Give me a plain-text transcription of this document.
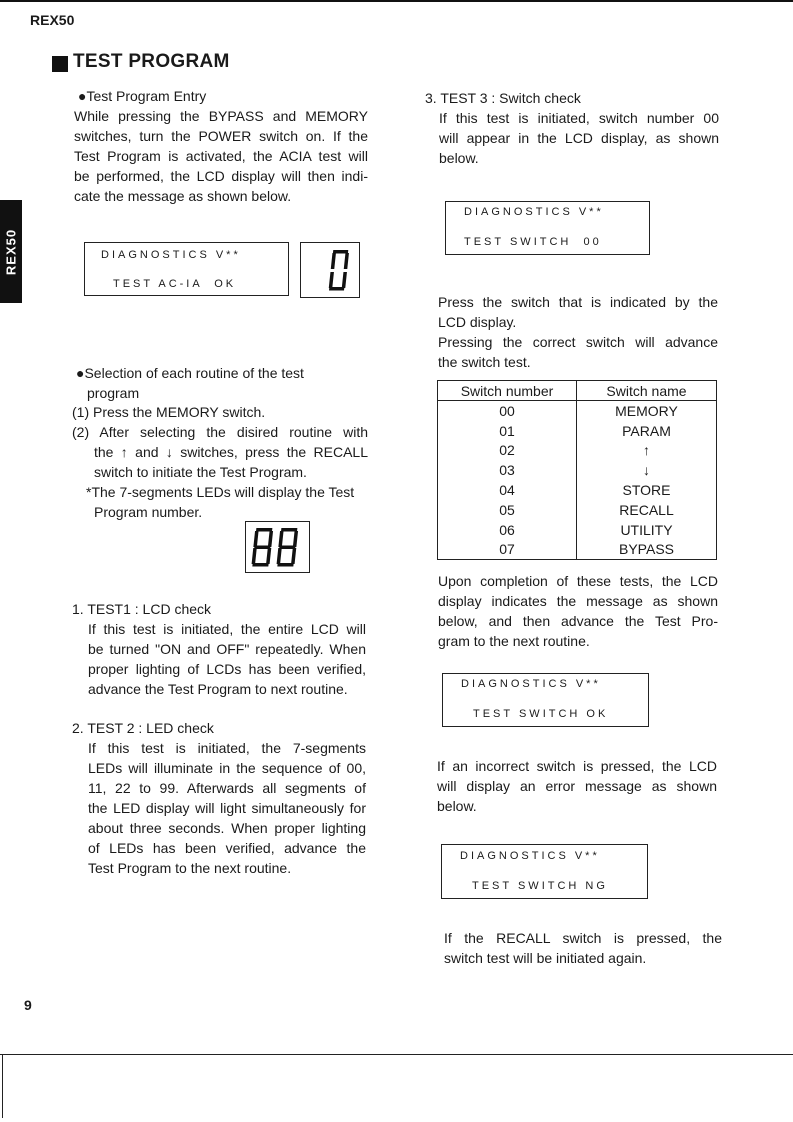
REX50
REX50
TEST PROGRAM
●Test Program Entry
While pressing the BYPASS and MEMORY
switches, turn the POWER switch on. If the
Test Program is activated, the ACIA test will
be performed, the LCD display will then indi-
cate the message as shown below.
DIAGNOSTICS V**
TEST AC-IA  OK
●Selection of each routine of the test
program
(1) Press the MEMORY switch.
(2) After selecting the disired routine with
the ↑ and ↓ switches, press the RECALL
switch to initiate the Test Program.
*The 7-segments LEDs will display the Test
Program number.
1. TEST1 : LCD check
If this test is initiated, the entire LCD will
be turned "ON and OFF" repeatedly. When
proper lighting of LCDs has been verified,
advance the Test Program to next routine.
2. TEST 2 : LED check
If this test is initiated, the 7-segments
LEDs will illuminate in the sequence of 00,
11, 22 to 99. Afterwards all segments of
the LED display will light simultaneously for
about three seconds. When proper lighting
of LEDs has been verified, advance the
Test Program to the next routine.
3. TEST 3 : Switch check
If this test is initiated, switch number 00
will appear in the LCD display, as shown
below.
DIAGNOSTICS V**
TEST SWITCH  00
Press the switch that is indicated by the
LCD display.
Pressing the correct switch will advance
the switch test.
Switch number	Switch name
00	MEMORY
01	PARAM
02	↑
03	↓
04	STORE
05	RECALL
06	UTILITY
07	BYPASS
Upon completion of these tests, the LCD
display indicates the message as shown
below, and then advance the Test Pro-
gram to the next routine.
DIAGNOSTICS V**
TEST SWITCH OK
If an incorrect switch is pressed, the LCD
will display an error message as shown
below.
DIAGNOSTICS V**
TEST SWITCH NG
If the RECALL switch is pressed, the
switch test will be initiated again.
9
